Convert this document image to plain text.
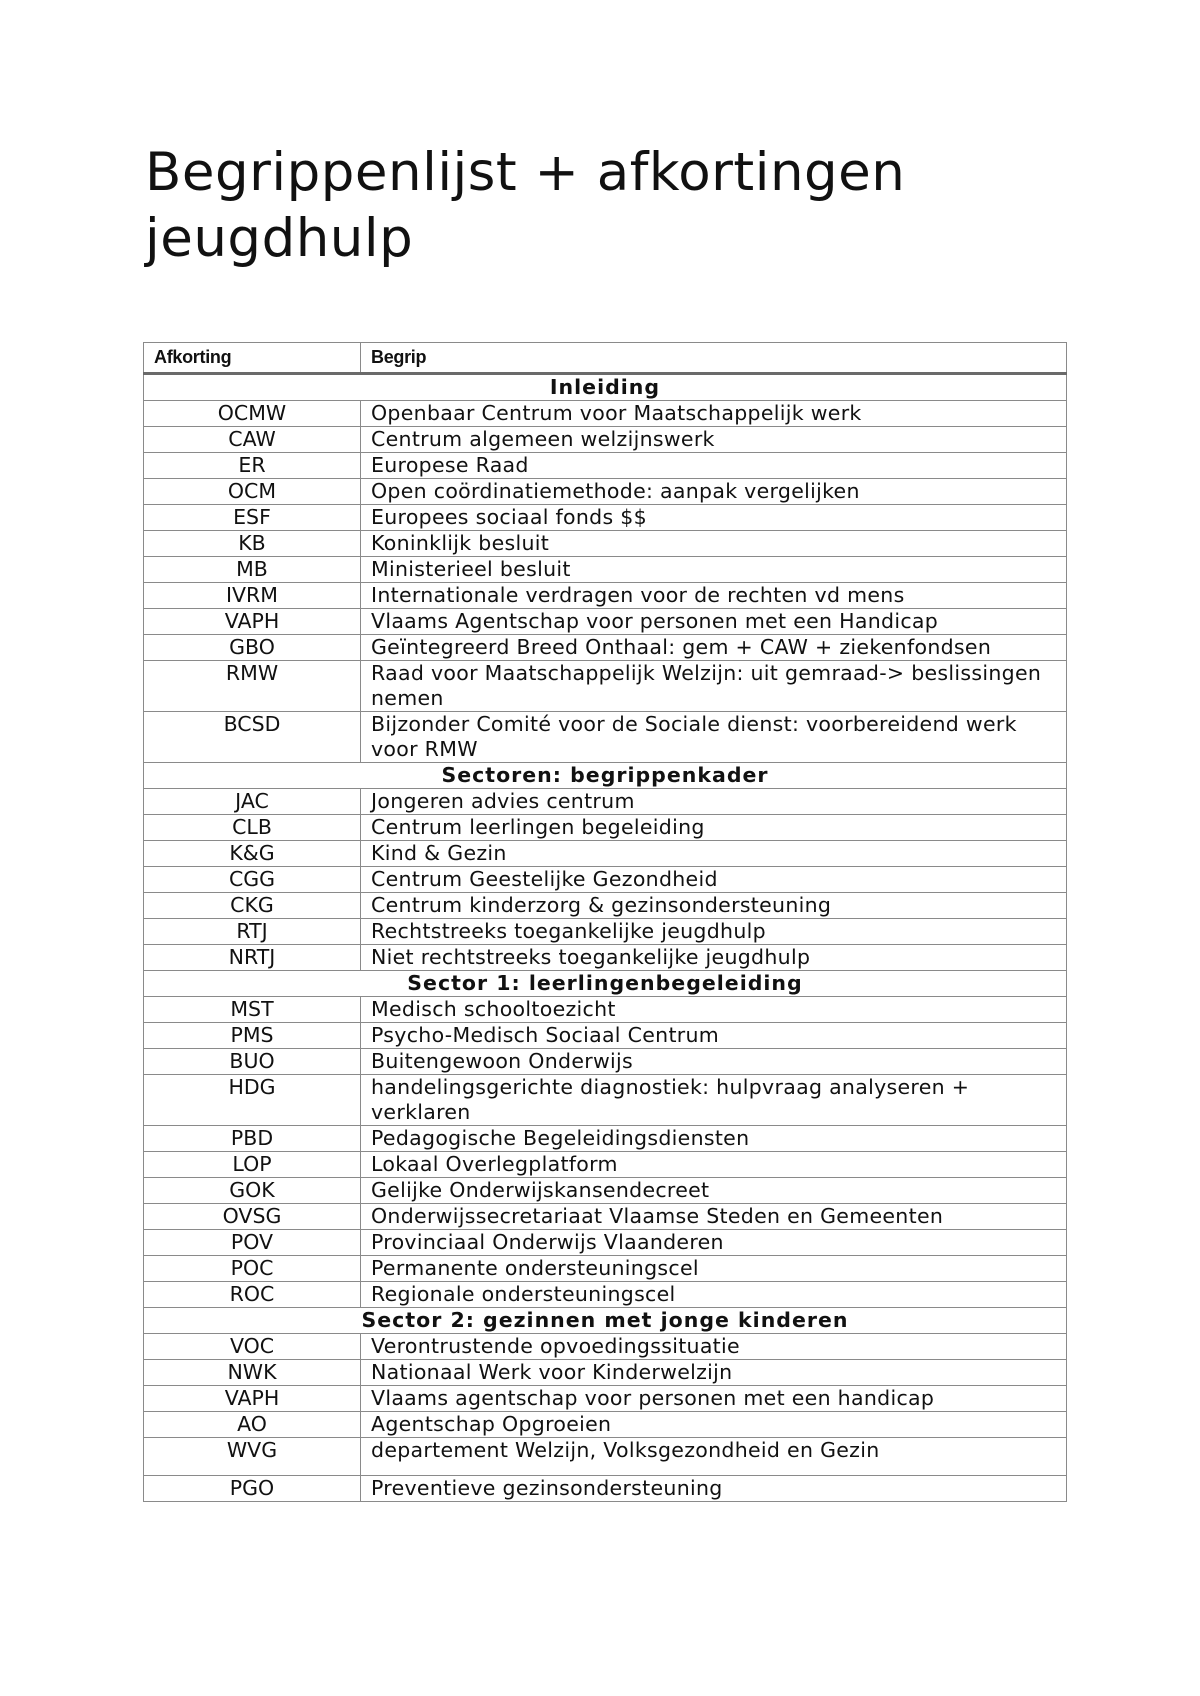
Begrippenlijst + afkortingen jeugdhulp
Afkorting	Begrip
Inleiding	
OCMW	Openbaar Centrum voor Maatschappelijk werk
CAW	Centrum algemeen welzijnswerk
ER	Europese Raad
OCM	Open coördinatiemethode: aanpak vergelijken
ESF	Europees sociaal fonds $$
KB	Koninklijk besluit
MB	Ministerieel besluit
IVRM	Internationale verdragen voor de rechten vd mens
VAPH	Vlaams Agentschap voor personen met een Handicap
GBO	Geïntegreerd Breed Onthaal: gem + CAW + ziekenfondsen
RMW	Raad voor Maatschappelijk Welzijn: uit gemraad-> beslissingen nemen
BCSD	Bijzonder Comité voor de Sociale dienst: voorbereidend werk voor RMW
Sectoren: begrippenkader	
JAC	Jongeren advies centrum
CLB	Centrum leerlingen begeleiding
K&G	Kind & Gezin
CGG	Centrum Geestelijke Gezondheid
CKG	Centrum kinderzorg & gezinsondersteuning
RTJ	Rechtstreeks toegankelijke jeugdhulp
NRTJ	Niet rechtstreeks toegankelijke jeugdhulp
Sector 1: leerlingenbegeleiding	
MST	Medisch schooltoezicht
PMS	Psycho-Medisch Sociaal Centrum
BUO	Buitengewoon Onderwijs
HDG	handelingsgerichte diagnostiek: hulpvraag analyseren + verklaren
PBD	Pedagogische Begeleidingsdiensten
LOP	Lokaal Overlegplatform
GOK	Gelijke Onderwijskansendecreet
OVSG	Onderwijssecretariaat Vlaamse Steden en Gemeenten
POV	Provinciaal Onderwijs Vlaanderen
POC	Permanente ondersteuningscel
ROC	Regionale ondersteuningscel
Sector 2: gezinnen met jonge kinderen	
VOC	Verontrustende opvoedingssituatie
NWK	Nationaal Werk voor Kinderwelzijn
VAPH	Vlaams agentschap voor personen met een handicap
AO	Agentschap Opgroeien
WVG	departement Welzijn, Volksgezondheid en Gezin
PGO	Preventieve gezinsondersteuning
